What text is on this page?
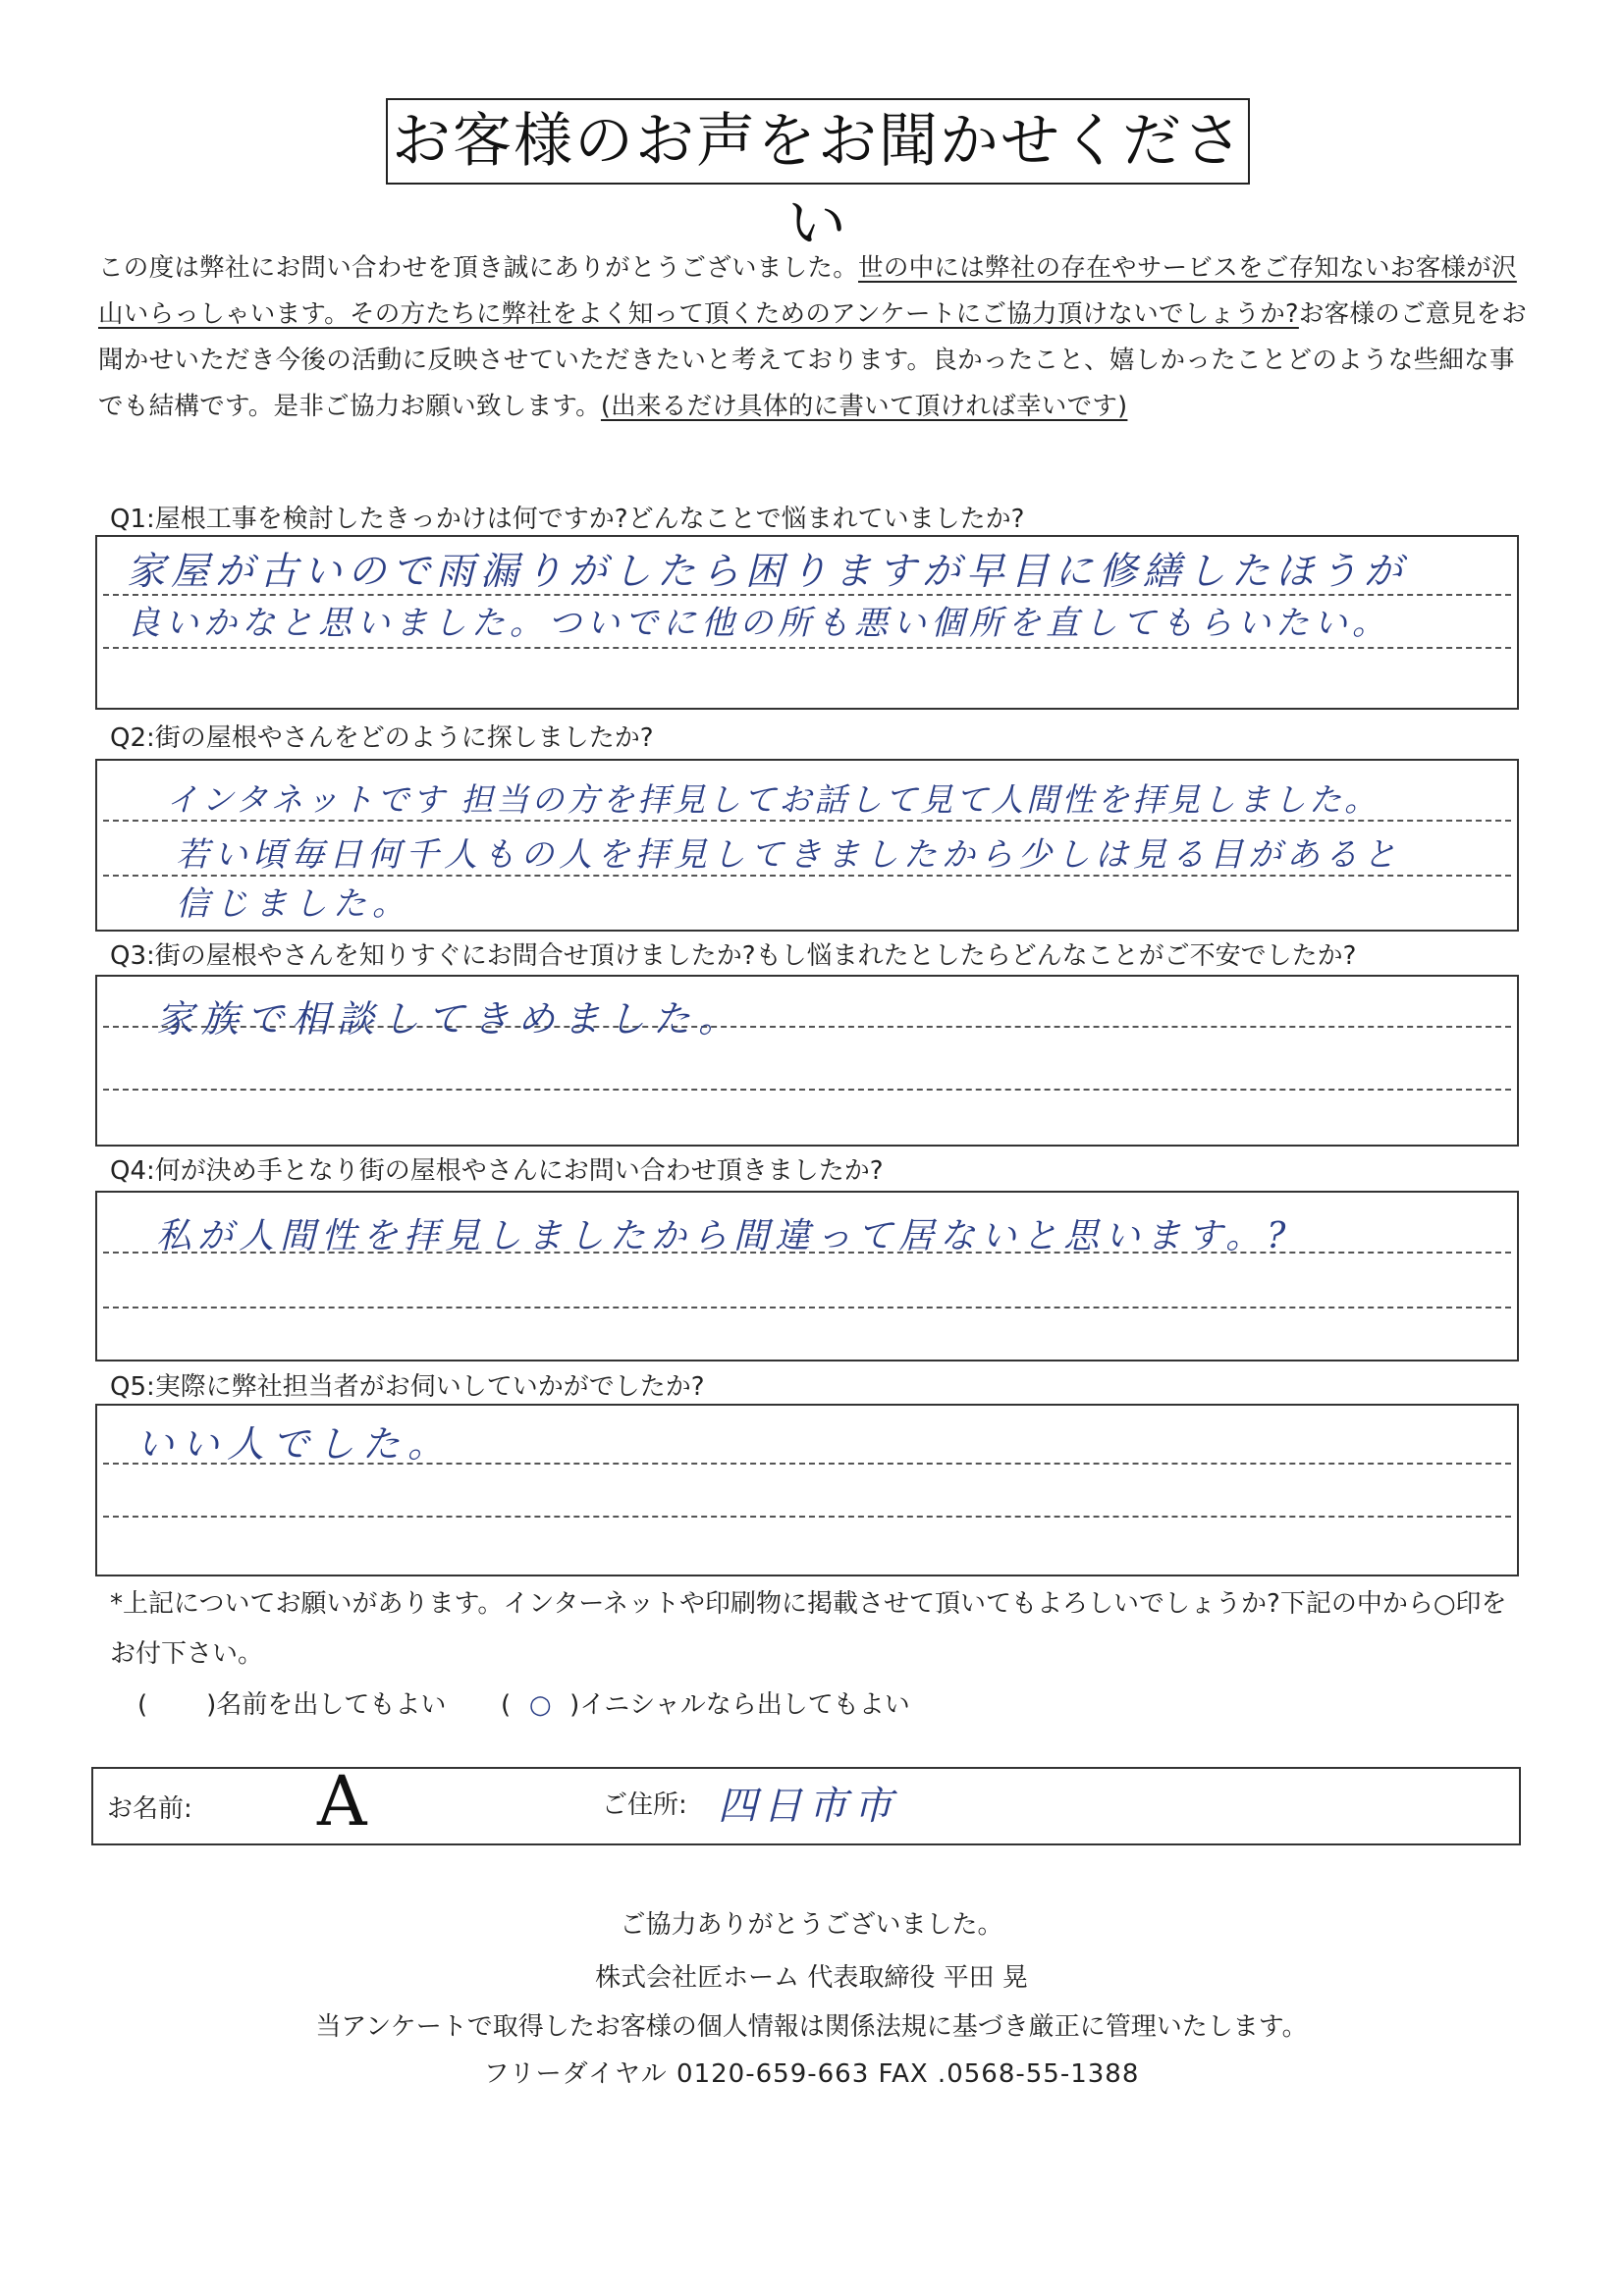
お客様のお声をお聞かせください
この度は弊社にお問い合わせを頂き誠にありがとうございました。世の中には弊社の存在やサービスをご存知ないお客様が沢山いらっしゃいます。その方たちに弊社をよく知って頂くためのアンケートにご協力頂けないでしょうか?お客様のご意見をお聞かせいただき今後の活動に反映させていただきたいと考えております。良かったこと、嬉しかったことどのような些細な事でも結構です。是非ご協力お願い致します。(出来るだけ具体的に書いて頂ければ幸いです)
Q1:屋根工事を検討したきっかけは何ですか?どんなことで悩まれていましたか?
家屋が古いので雨漏りがしたら困りますが早目に修繕したほうが
良いかなと思いました。ついでに他の所も悪い個所を直してもらいたい。
Q2:街の屋根やさんをどのように探しましたか?
インタネットです 担当の方を拝見してお話して見て人間性を拝見しました。
若い頃毎日何千人もの人を拝見してきましたから少しは見る目があると
信じました。
Q3:街の屋根やさんを知りすぐにお問合せ頂けましたか?もし悩まれたとしたらどんなことがご不安でしたか?
家族で相談してきめました。
Q4:何が決め手となり街の屋根やさんにお問い合わせ頂きましたか?
私が人間性を拝見しましたから間違って居ないと思います。?
Q5:実際に弊社担当者がお伺いしていかがでしたか?
いい人でした。
*上記についてお願いがあります。インターネットや印刷物に掲載させて頂いてもよろしいでしょうか?下記の中から○印を
お付下さい。
( )名前を出してもよい ( ○ )イニシャルなら出してもよい
お名前: A	ご住所: 四日市市
ご協力ありがとうございました。
株式会社匠ホーム 代表取締役 平田 晃
当アンケートで取得したお客様の個人情報は関係法規に基づき厳正に管理いたします。
フリーダイヤル 0120-659-663 FAX .0568-55-1388
